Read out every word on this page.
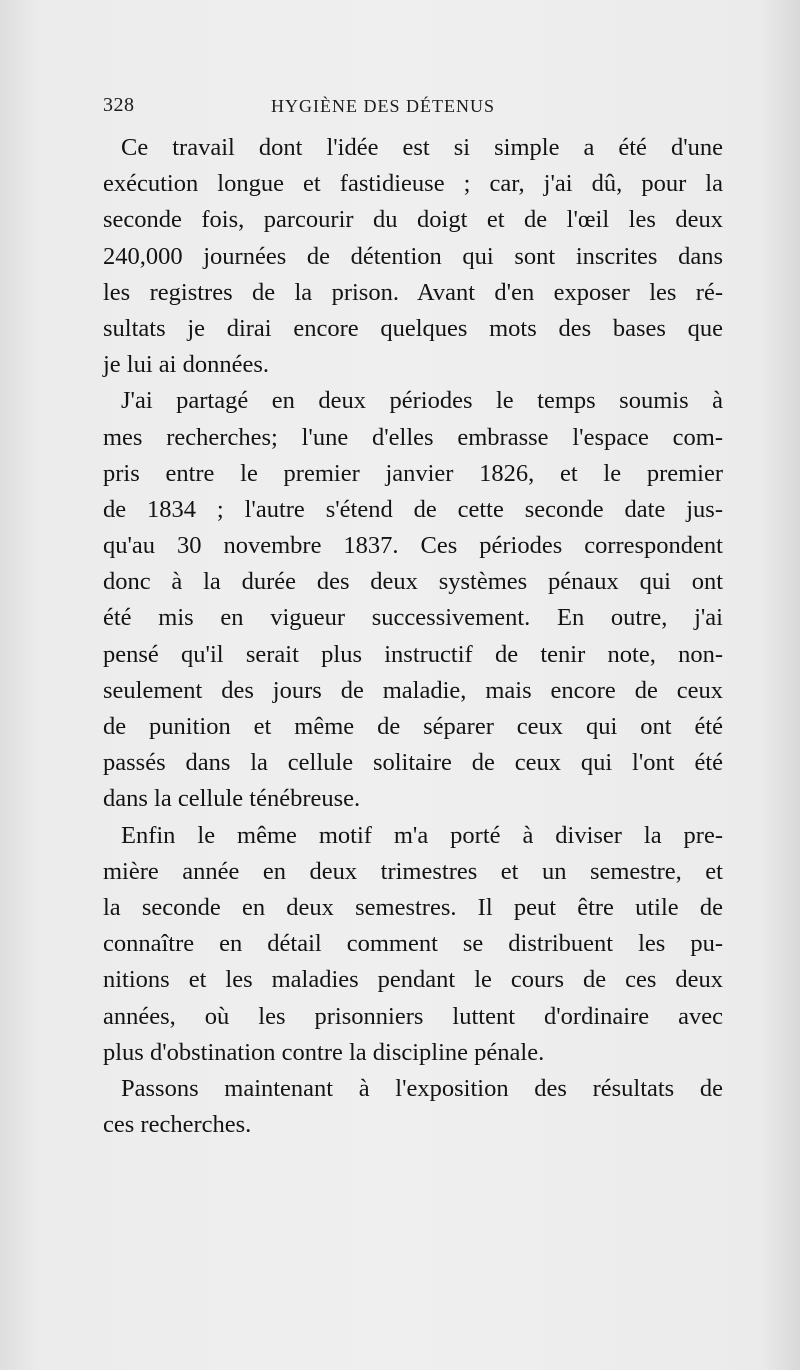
328	HYGIÈNE DES DÉTENUS
Ce travail dont l'idée est si simple a été d'une
exécution longue et fastidieuse ; car, j'ai dû, pour la
seconde fois, parcourir du doigt et de l'œil les deux
240,000 journées de détention qui sont inscrites dans
les registres de la prison. Avant d'en exposer les ré-
sultats je dirai encore quelques mots des bases que
je lui ai données.
J'ai partagé en deux périodes le temps soumis à
mes recherches; l'une d'elles embrasse l'espace com-
pris entre le premier janvier 1826, et le premier
de 1834 ; l'autre s'étend de cette seconde date jus-
qu'au 30 novembre 1837. Ces périodes correspondent
donc à la durée des deux systèmes pénaux qui ont
été mis en vigueur successivement. En outre, j'ai
pensé qu'il serait plus instructif de tenir note, non-
seulement des jours de maladie, mais encore de ceux
de punition et même de séparer ceux qui ont été
passés dans la cellule solitaire de ceux qui l'ont été
dans la cellule ténébreuse.
Enfin le même motif m'a porté à diviser la pre-
mière année en deux trimestres et un semestre, et
la seconde en deux semestres. Il peut être utile de
connaître en détail comment se distribuent les pu-
nitions et les maladies pendant le cours de ces deux
années, où les prisonniers luttent d'ordinaire avec
plus d'obstination contre la discipline pénale.
Passons maintenant à l'exposition des résultats de
ces recherches.
